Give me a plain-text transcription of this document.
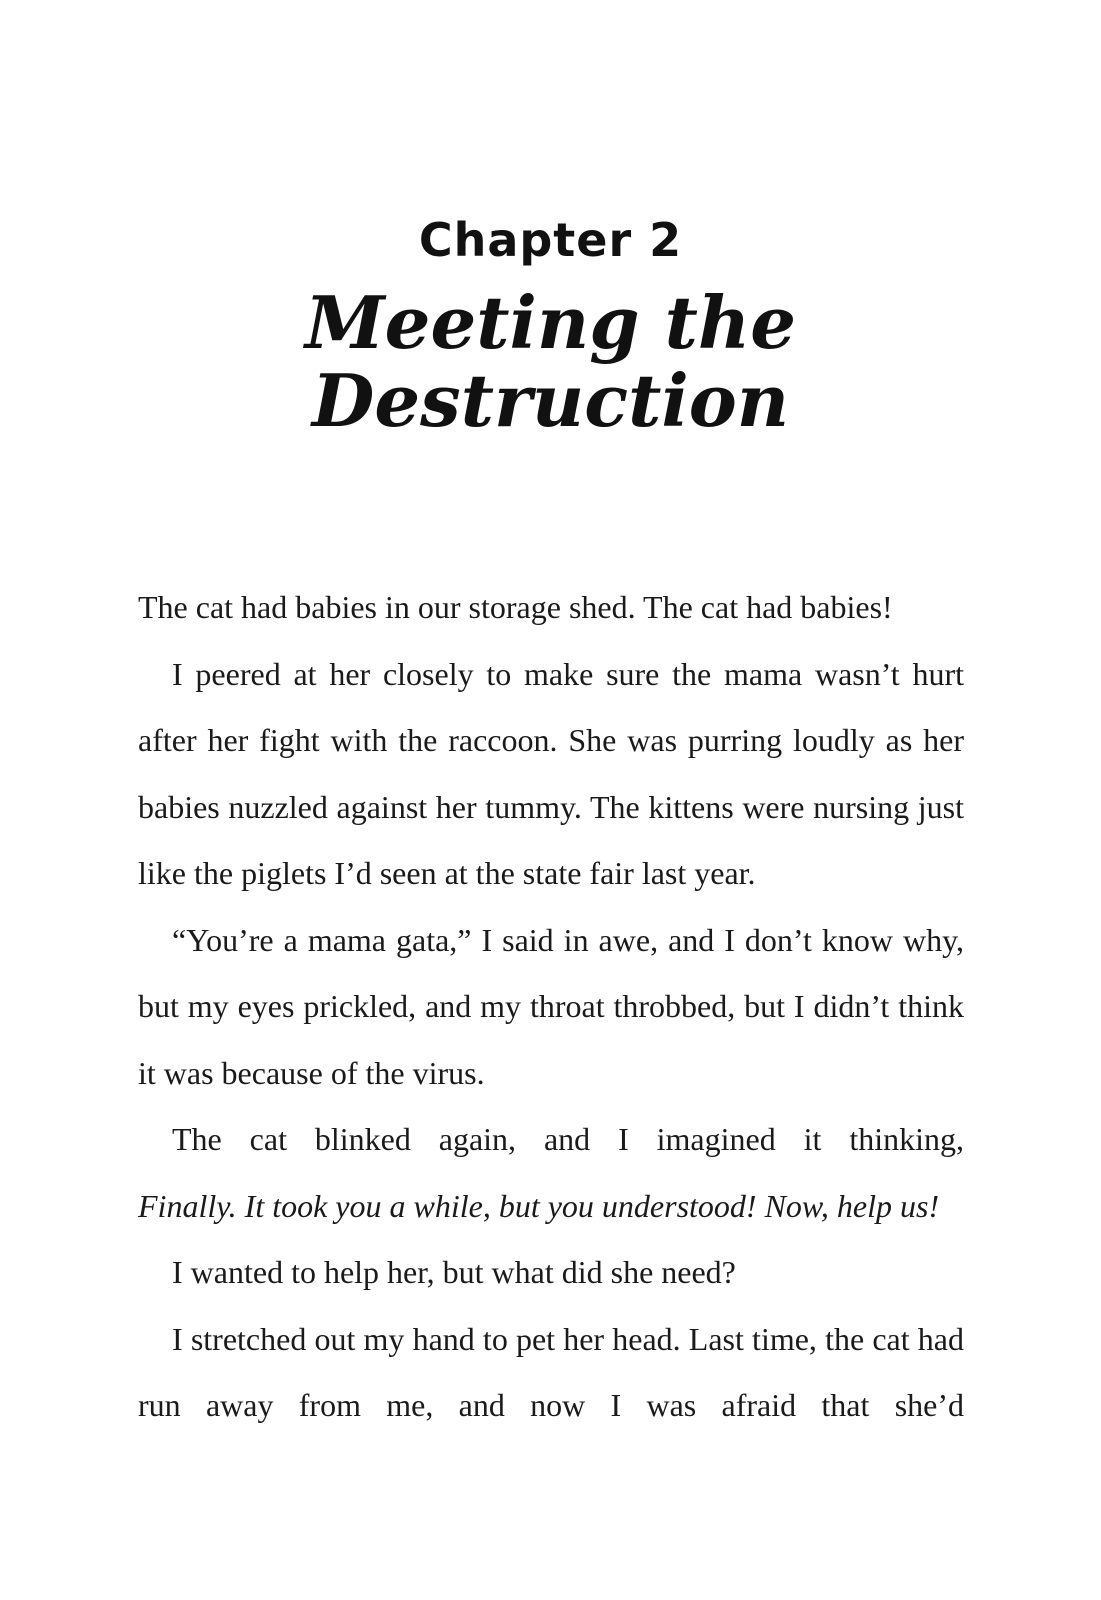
Chapter 2
Meeting the
Destruction

The cat had babies in our storage shed. The cat had babies!

I peered at her closely to make sure the mama wasn’t hurt after her fight with the raccoon. She was purring loudly as her babies nuzzled against her tummy. The kittens were nursing just like the piglets I’d seen at the state fair last year.

“You’re a mama gata,” I said in awe, and I don’t know why, but my eyes prickled, and my throat throbbed, but I didn’t think it was because of the virus.

The cat blinked again, and I imagined it thinking,

Finally. It took you a while, but you understood! Now, help us!

I wanted to help her, but what did she need?

I stretched out my hand to pet her head. Last time, the cat had run away from me, and now I was afraid that she’d
